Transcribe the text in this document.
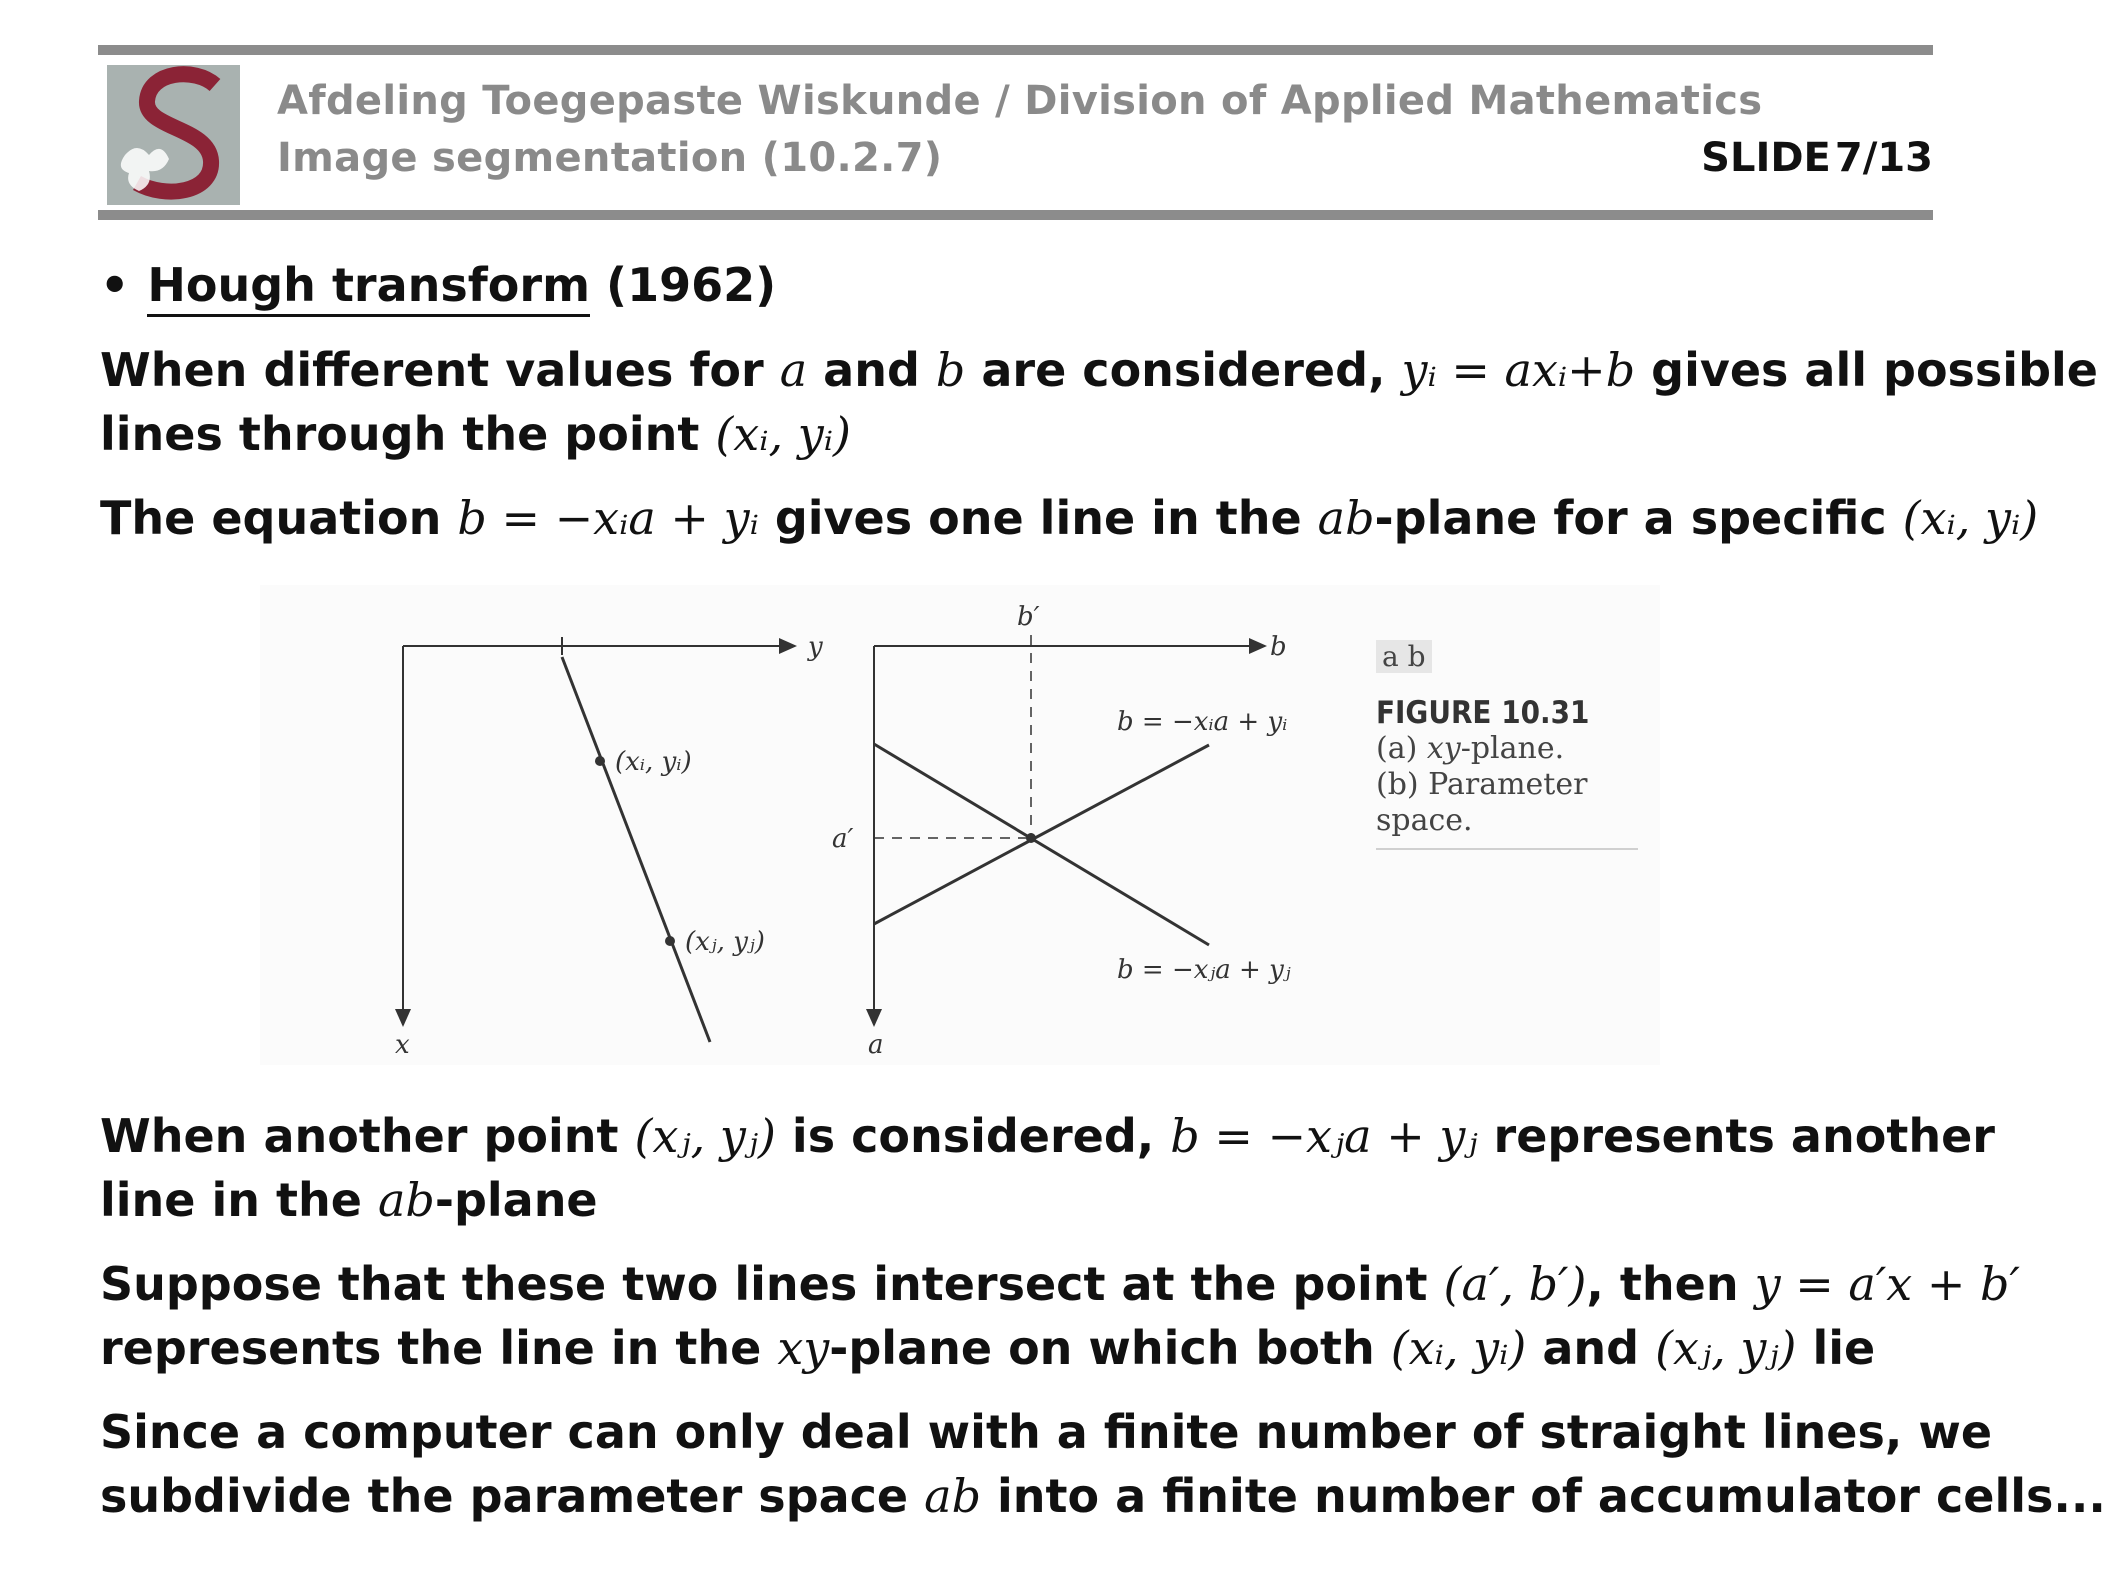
Afdeling Toegepaste Wiskunde / Division of Applied Mathematics
Image segmentation (10.2.7)	SLIDE 7/13
• Hough transform (1962)
When different values for a and b are considered, yᵢ = axᵢ+b gives all possible
lines through the point (xᵢ, yᵢ)
The equation b = −xᵢa + yᵢ gives one line in the ab-plane for a specific (xᵢ, yᵢ)
y
x
(xᵢ, yᵢ)
(xⱼ, yⱼ)
b′
b
a′
a
b = −xᵢa + yᵢ
b = −xⱼa + yⱼ
a b
FIGURE 10.31
(a) xy-plane.
(b) Parameter
space.
When another point (xⱼ, yⱼ) is considered, b = −xⱼa + yⱼ represents another
line in the ab-plane
Suppose that these two lines intersect at the point (a′, b′), then y = a′x + b′
represents the line in the xy-plane on which both (xᵢ, yᵢ) and (xⱼ, yⱼ) lie
Since a computer can only deal with a finite number of straight lines, we
subdivide the parameter space ab into a finite number of accumulator cells...
